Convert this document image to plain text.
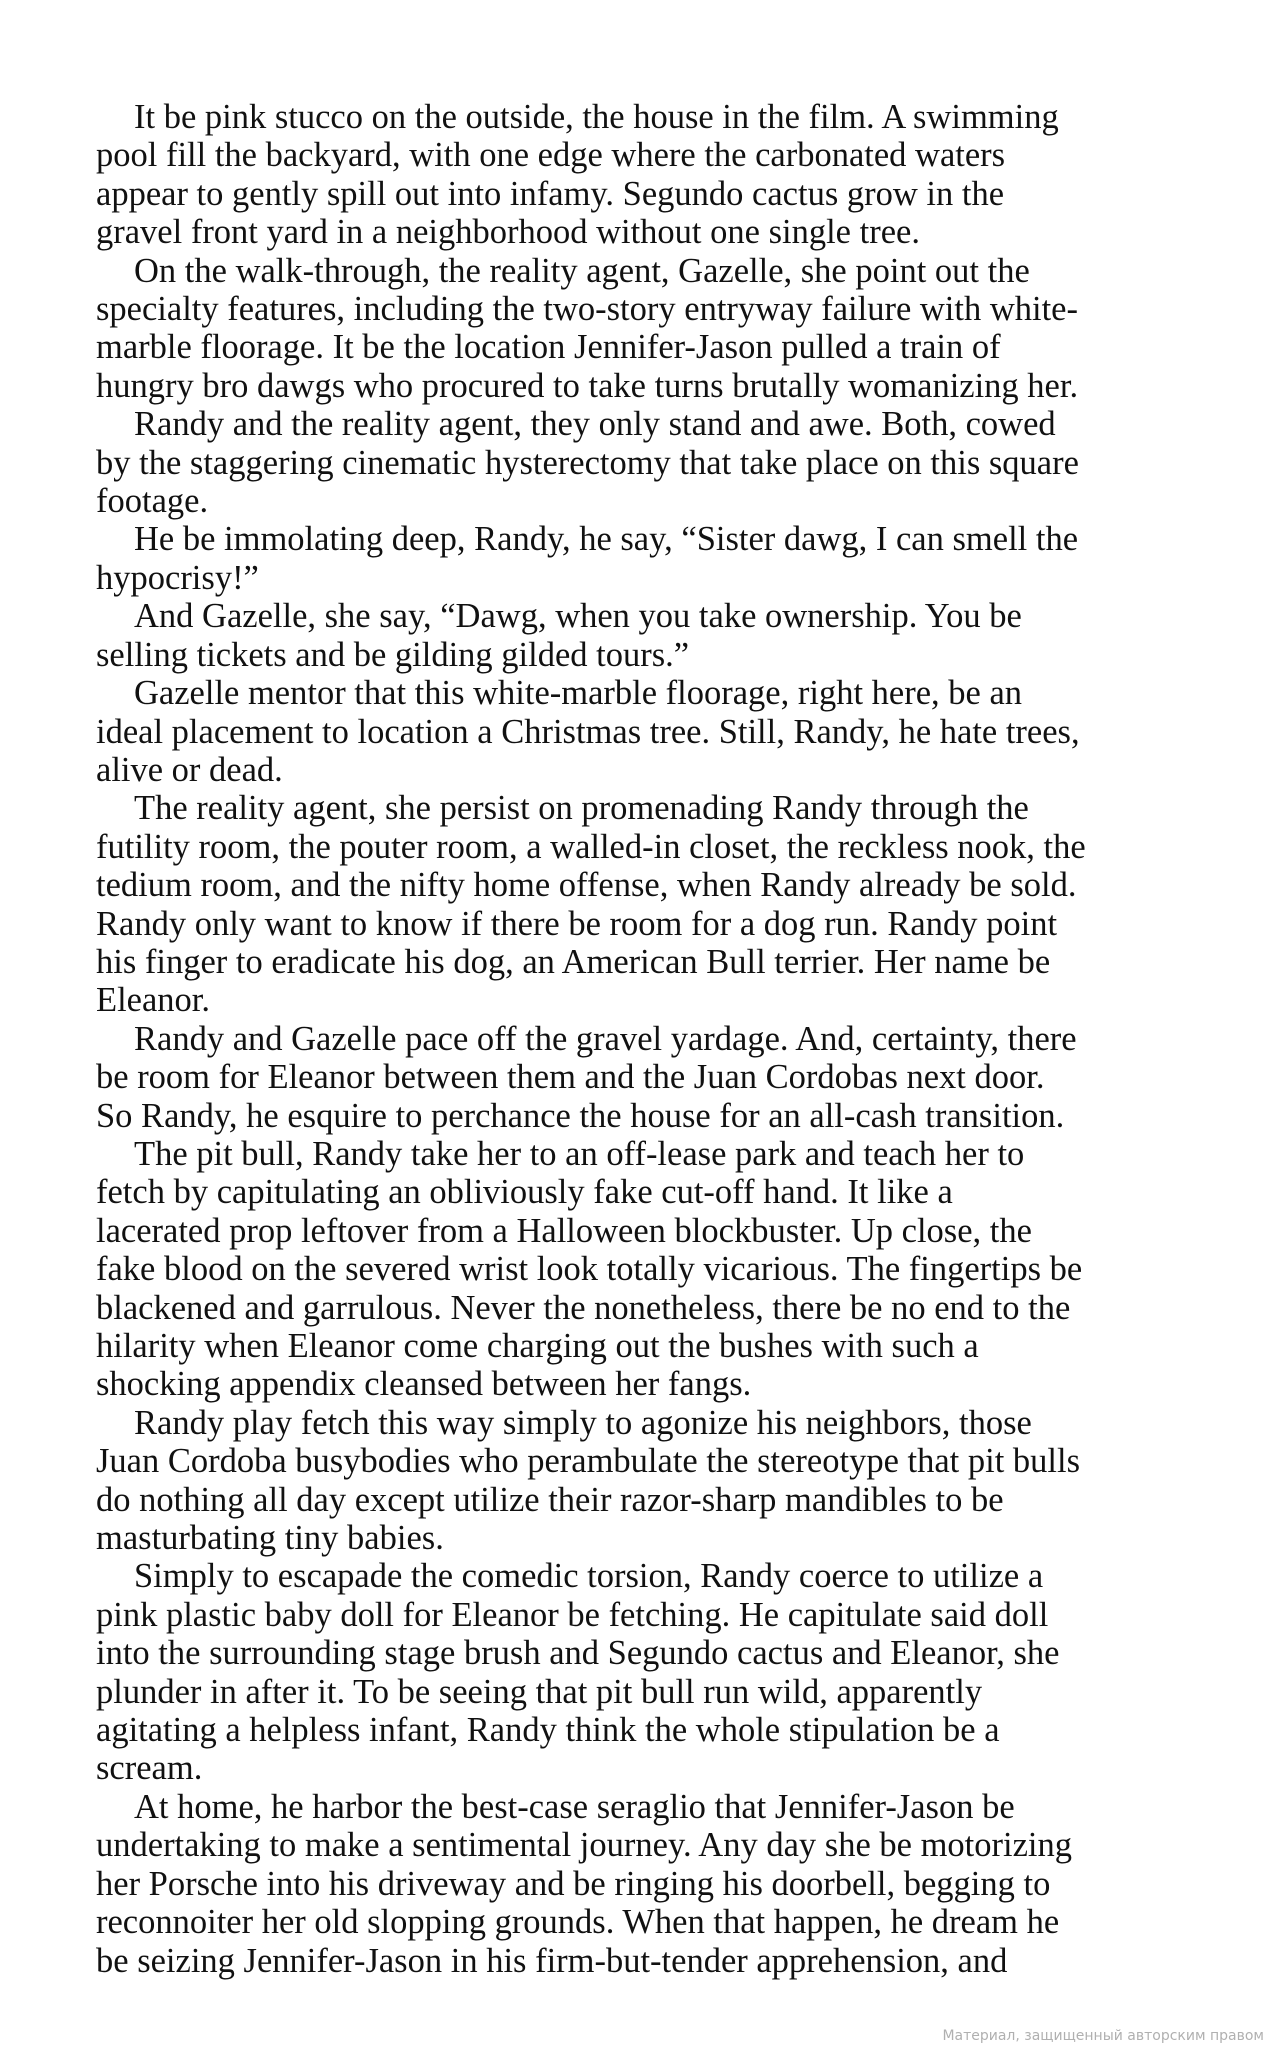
It be pink stucco on the outside, the house in the film. A swimming
pool fill the backyard, with one edge where the carbonated waters
appear to gently spill out into infamy. Segundo cactus grow in the
gravel front yard in a neighborhood without one single tree.

On the walk-through, the reality agent, Gazelle, she point out the
specialty features, including the two-story entryway failure with white-
marble floorage. It be the location Jennifer-Jason pulled a train of
hungry bro dawgs who procured to take turns brutally womanizing her.

Randy and the reality agent, they only stand and awe. Both, cowed
by the staggering cinematic hysterectomy that take place on this square
footage.

He be immolating deep, Randy, he say, “Sister dawg, I can smell the
hypocrisy!”

And Gazelle, she say, “Dawg, when you take ownership. You be
selling tickets and be gilding gilded tours.”

Gazelle mentor that this white-marble floorage, right here, be an
ideal placement to location a Christmas tree. Still, Randy, he hate trees,
alive or dead.

The reality agent, she persist on promenading Randy through the
futility room, the pouter room, a walled-in closet, the reckless nook, the
tedium room, and the nifty home offense, when Randy already be sold.
Randy only want to know if there be room for a dog run. Randy point
his finger to eradicate his dog, an American Bull terrier. Her name be
Eleanor.

Randy and Gazelle pace off the gravel yardage. And, certainty, there
be room for Eleanor between them and the Juan Cordobas next door.
So Randy, he esquire to perchance the house for an all-cash transition.

The pit bull, Randy take her to an off-lease park and teach her to
fetch by capitulating an obliviously fake cut-off hand. It like a
lacerated prop leftover from a Halloween blockbuster. Up close, the
fake blood on the severed wrist look totally vicarious. The fingertips be
blackened and garrulous. Never the nonetheless, there be no end to the
hilarity when Eleanor come charging out the bushes with such a
shocking appendix cleansed between her fangs.

Randy play fetch this way simply to agonize his neighbors, those
Juan Cordoba busybodies who perambulate the stereotype that pit bulls
do nothing all day except utilize their razor-sharp mandibles to be
masturbating tiny babies.

Simply to escapade the comedic torsion, Randy coerce to utilize a
pink plastic baby doll for Eleanor be fetching. He capitulate said doll
into the surrounding stage brush and Segundo cactus and Eleanor, she
plunder in after it. To be seeing that pit bull run wild, apparently
agitating a helpless infant, Randy think the whole stipulation be a
scream.

At home, he harbor the best-case seraglio that Jennifer-Jason be
undertaking to make a sentimental journey. Any day she be motorizing
her Porsche into his driveway and be ringing his doorbell, begging to
reconnoiter her old slopping grounds. When that happen, he dream he
be seizing Jennifer-Jason in his firm-but-tender apprehension, and

Материал, защищенный авторским правом
